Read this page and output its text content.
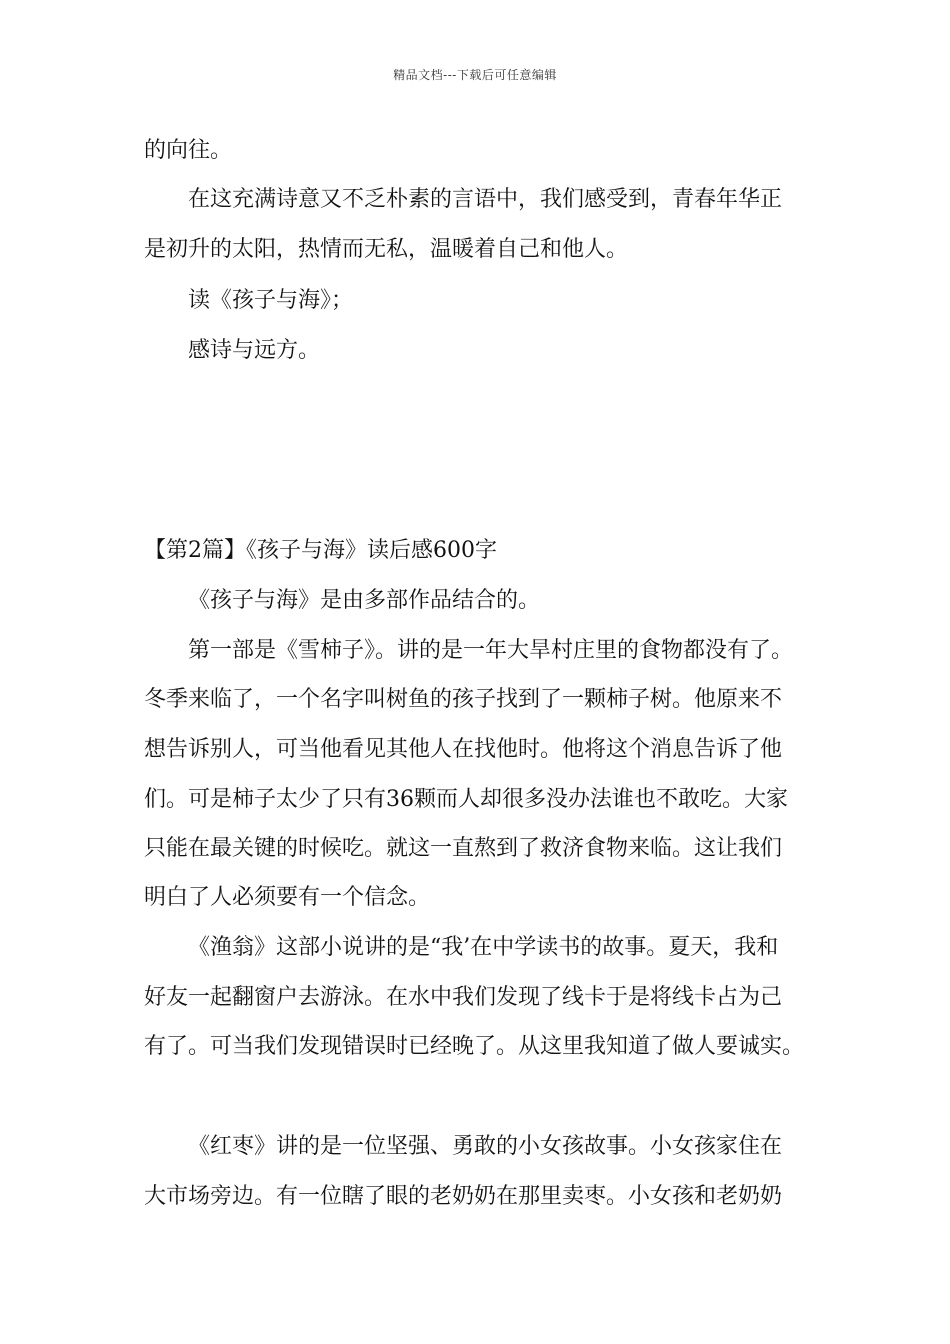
精品文档---下载后可任意编辑
的向往。
在这充满诗意又不乏朴素的言语中，我们感受到，青春年华正
是初升的太阳，热情而无私，温暖着自己和他人。
读《孩子与海》；
感诗与远方。
【第2篇】《孩子与海》读后感600字
《孩子与海》是由多部作品结合的。
第一部是《雪柿子》。讲的是一年大旱村庄里的食物都没有了。
冬季来临了，一个名字叫树鱼的孩子找到了一颗柿子树。他原来不
想告诉别人，可当他看见其他人在找他时。他将这个消息告诉了他
们。可是柿子太少了只有36颗而人却很多没办法谁也不敢吃。大家
只能在最关键的时候吃。就这一直熬到了救济食物来临。这让我们
明白了人必须要有一个信念。
《渔翁》这部小说讲的是“我’在中学读书的故事。夏天，我和
好友一起翻窗户去游泳。在水中我们发现了线卡于是将线卡占为己
有了。可当我们发现错误时已经晚了。从这里我知道了做人要诚实。
《红枣》讲的是一位坚强、勇敢的小女孩故事。小女孩家住在
大市场旁边。有一位瞎了眼的老奶奶在那里卖枣。小女孩和老奶奶
